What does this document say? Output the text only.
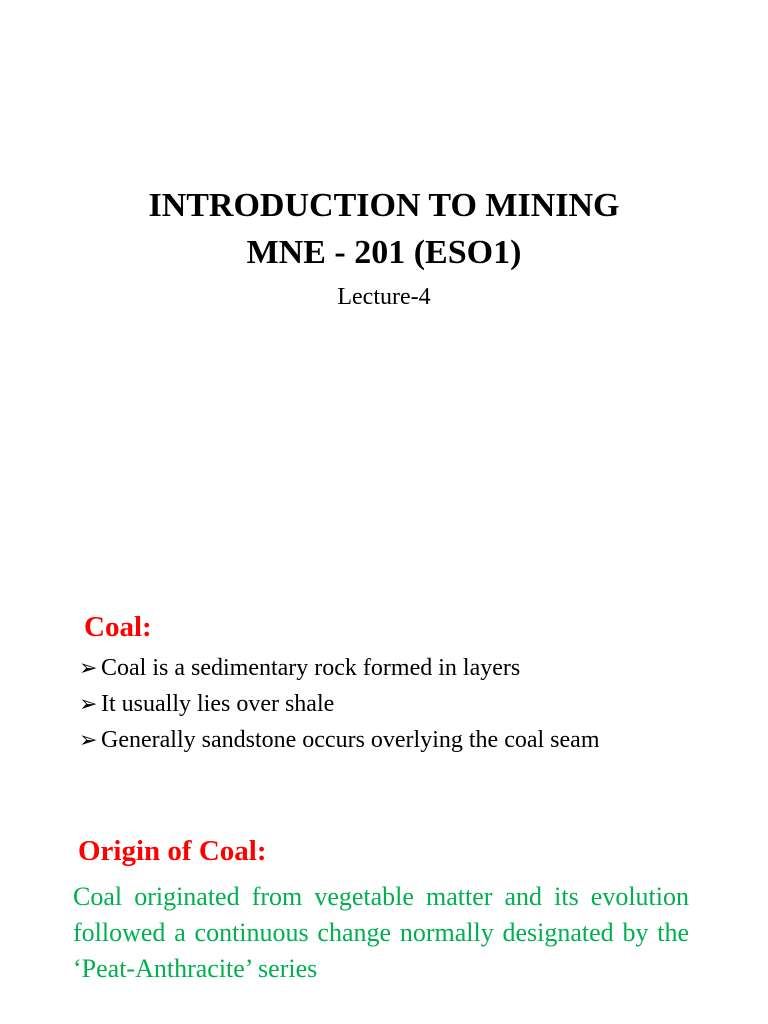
INTRODUCTION TO MINING

MNE - 201 (ESO1)

Lecture-4
Coal:
➢ Coal is a sedimentary rock formed in layers
➢ It usually lies over shale
➢ Generally sandstone occurs overlying the coal seam
Origin of Coal:
Coal originated from vegetable matter and its evolution followed a continuous change normally designated by the ‘Peat-Anthracite’ series
